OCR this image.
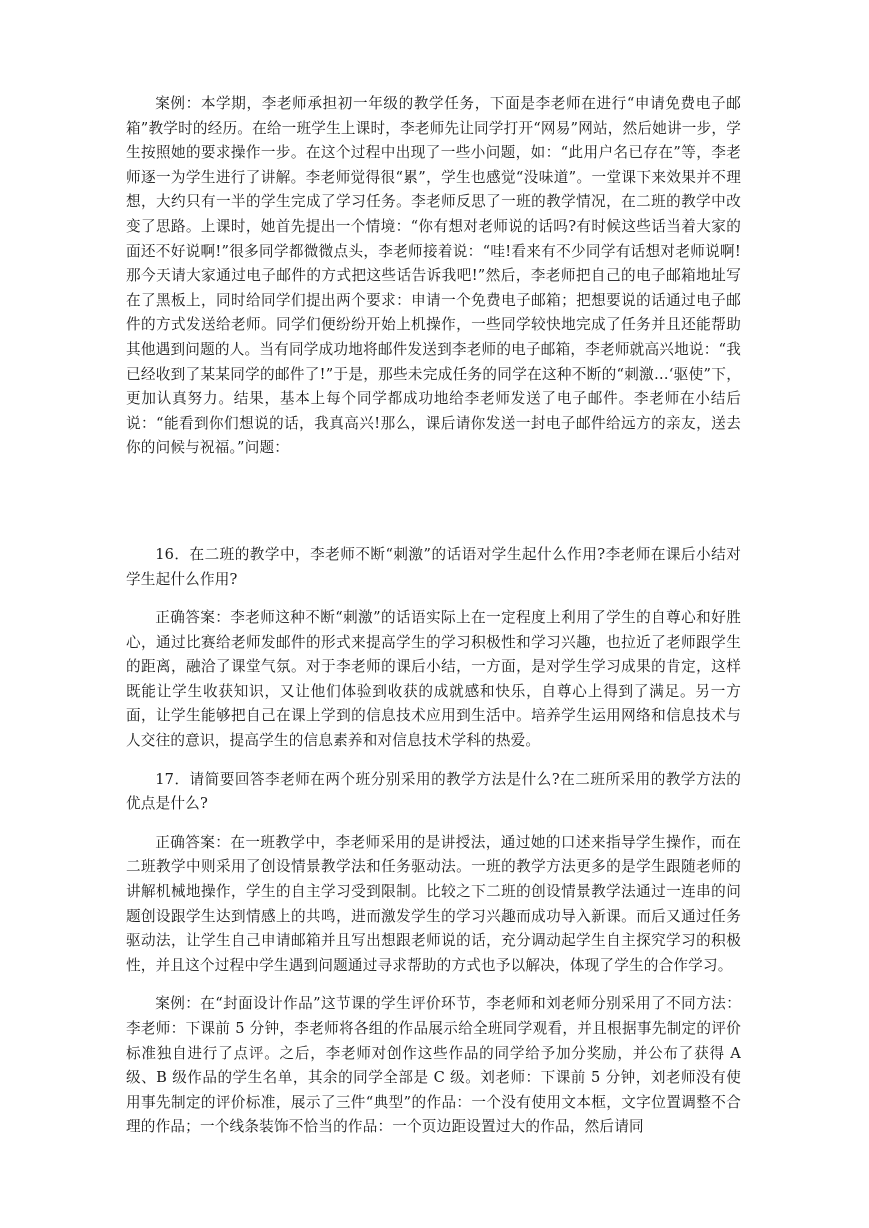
案例：本学期，李老师承担初一年级的教学任务，下面是李老师在进行“申请免费电子邮箱”教学时的经历。在给一班学生上课时，李老师先让同学打开“网易”网站，然后她讲一步，学生按照她的要求操作一步。在这个过程中出现了一些小问题，如：“此用户名已存在”等，李老师逐一为学生进行了讲解。李老师觉得很“累”，学生也感觉“没味道”。一堂课下来效果并不理想，大约只有一半的学生完成了学习任务。李老师反思了一班的教学情况，在二班的教学中改变了思路。上课时，她首先提出一个情境：“你有想对老师说的话吗?有时候这些话当着大家的面还不好说啊!”很多同学都微微点头，李老师接着说：“哇!看来有不少同学有话想对老师说啊!那今天请大家通过电子邮件的方式把这些话告诉我吧!”然后，李老师把自己的电子邮箱地址写在了黑板上，同时给同学们提出两个要求：申请一个免费电子邮箱；把想要说的话通过电子邮件的方式发送给老师。同学们便纷纷开始上机操作，一些同学较快地完成了任务并且还能帮助其他遇到问题的人。当有同学成功地将邮件发送到李老师的电子邮箱，李老师就高兴地说：“我已经收到了某某同学的邮件了!”于是，那些未完成任务的同学在这种不断的“刺激…‘驱使”下，更加认真努力。结果，基本上每个同学都成功地给李老师发送了电子邮件。李老师在小结后说：“能看到你们想说的话，我真高兴!那么，课后请你发送一封电子邮件给远方的亲友，送去你的问候与祝福。”问题：

16．在二班的教学中，李老师不断“刺激”的话语对学生起什么作用?李老师在课后小结对学生起什么作用?

正确答案：李老师这种不断“刺激”的话语实际上在一定程度上利用了学生的自尊心和好胜心，通过比赛给老师发邮件的形式来提高学生的学习积极性和学习兴趣，也拉近了老师跟学生的距离，融洽了课堂气氛。对于李老师的课后小结，一方面，是对学生学习成果的肯定，这样既能让学生收获知识，又让他们体验到收获的成就感和快乐，自尊心上得到了满足。另一方面，让学生能够把自己在课上学到的信息技术应用到生活中。培养学生运用网络和信息技术与人交往的意识，提高学生的信息素养和对信息技术学科的热爱。

17．请简要回答李老师在两个班分别采用的教学方法是什么?在二班所采用的教学方法的优点是什么?

正确答案：在一班教学中，李老师采用的是讲授法，通过她的口述来指导学生操作，而在二班教学中则采用了创设情景教学法和任务驱动法。一班的教学方法更多的是学生跟随老师的讲解机械地操作，学生的自主学习受到限制。比较之下二班的创设情景教学法通过一连串的问题创设跟学生达到情感上的共鸣，进而激发学生的学习兴趣而成功导入新课。而后又通过任务驱动法，让学生自己申请邮箱并且写出想跟老师说的话，充分调动起学生自主探究学习的积极性，并且这个过程中学生遇到问题通过寻求帮助的方式也予以解决，体现了学生的合作学习。

案例：在“封面设计作品”这节课的学生评价环节，李老师和刘老师分别采用了不同方法：李老师：下课前 5 分钟，李老师将各组的作品展示给全班同学观看，并且根据事先制定的评价标准独自进行了点评。之后，李老师对创作这些作品的同学给予加分奖励，并公布了获得 A 级、B 级作品的学生名单，其余的同学全部是 C 级。刘老师：下课前 5 分钟，刘老师没有使用事先制定的评价标准，展示了三件“典型”的作品：一个没有使用文本框，文字位置调整不合理的作品；一个线条装饰不恰当的作品：一个页边距设置过大的作品，然后请同
